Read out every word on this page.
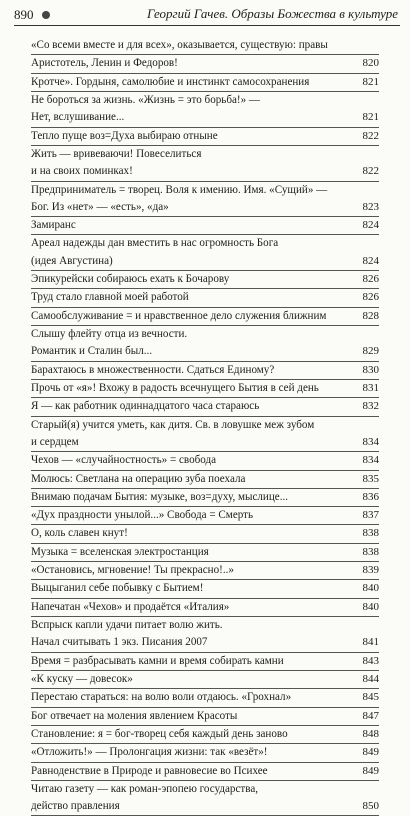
890	Георгий Гачев. Образы Божества в культуре
«Со всеми вместе и для всех», оказывается, существую: правы
Аристотель, Ленин и Федоров!	820
Кротче». Гордыня, самолюбие и инстинкт самосохранения	821
Не бороться за жизнь. «Жизнь = это борьба!» —
Нет, вслушивание...	821
Тепло пуще воз=Духа выбираю отныне	822
Жить — вривеваючи! Повеселиться
и на своих поминках!	822
Предприниматель = творец. Воля к имению. Имя. «Сущий» —
Бог. Из «нет» — «есть», «да»	823
Замиранс	824
Ареал надежды дан вместить в нас огромность Бога
(идея Августина)	824
Эпикурейски собираюсь ехать к Бочарову	826
Труд стало главной моей работой	826
Самообслуживание = и нравственное дело служения ближним	828
Слышу флейту отца из вечности.
Романтик и Сталин был...	829
Барахтаюсь в множественности. Сдаться Единому?	830
Прочь от «я»! Вхожу в радость всечнущего Бытия в сей день	831
Я — как работник одиннадцатого часа стараюсь	832
Старый(я) учится уметь, как дитя. Св. в ловушке меж зубом
и сердцем	834
Чехов — «случайностность» = свобода	834
Молюсь: Светлана на операцию зуба поехала	835
Внимаю подачам Бытия: музыке, воз=духу, мыслице...	836
«Дух праздности унылой...» Свобода = Смерть	837
О, коль славен кнут!	838
Музыка = вселенская электростанция	838
«Остановись, мгновение! Ты прекрасно!..»	839
Выцыганил себе побывку с Бытием!	840
Напечатан «Чехов» и продаётся «Италия»	840
Вспрыск капли удачи питает волю жить.
Начал считывать 1 экз. Писания 2007	841
Время = разбрасывать камни и время собирать камни	843
«К куску — довесок»	844
Перестаю стараться: на волю воли отдаюсь. «Грохнал»	845
Бог отвечает на моления явлением Красоты	847
Становление: я = бог-творец себя каждый день заново	848
«Отложить!» — Пролонгация жизни: так «везёт»!	849
Равноденствие в Природе и равновесие во Психее	849
Читаю газету — как роман-эпопею государства,
действо правления	850
